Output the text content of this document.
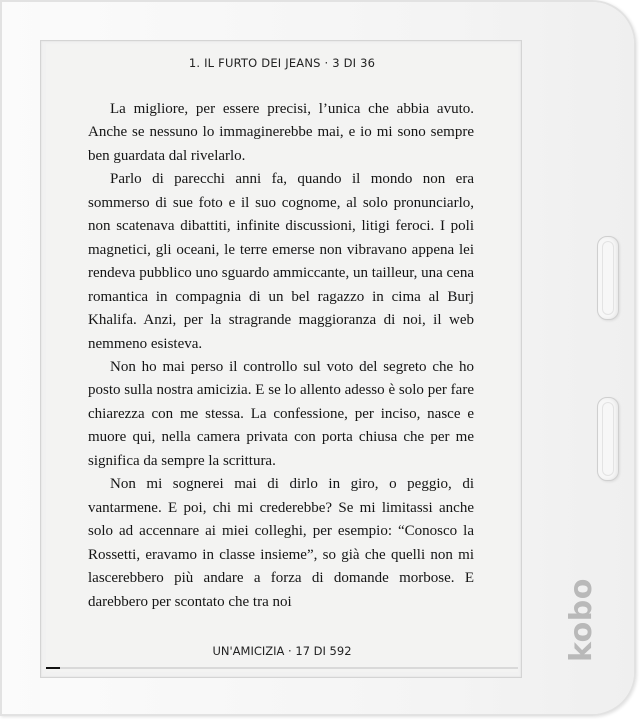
1. IL FURTO DEI JEANS · 3 DI 36

La migliore, per essere precisi, l’unica che abbia avuto. Anche se nessuno lo immaginerebbe mai, e io mi sono sempre ben guardata dal rivelarlo.

Parlo di parecchi anni fa, quando il mondo non era sommerso di sue foto e il suo cognome, al solo pronunciarlo, non scatenava dibattiti, infinite discussioni, litigi feroci. I poli magnetici, gli oceani, le terre emerse non vibravano appena lei rendeva pubblico uno sguardo ammiccante, un tailleur, una cena romantica in compagnia di un bel ragazzo in cima al Burj Khalifa. Anzi, per la stragrande maggioranza di noi, il web nemmeno esisteva.

Non ho mai perso il controllo sul voto del segreto che ho posto sulla nostra amicizia. E se lo allento adesso è solo per fare chiarezza con me stessa. La confessione, per inciso, nasce e muore qui, nella camera privata con porta chiusa che per me significa da sempre la scrittura.

Non mi sognerei mai di dirlo in giro, o peggio, di vantarmene. E poi, chi mi crederebbe? Se mi limitassi anche solo ad accennare ai miei colleghi, per esempio: “Conosco la Rossetti, eravamo in classe insieme”, so già che quelli non mi lascerebbero più andare a forza di domande morbose. E darebbero per scontato che tra noi

UN'AMICIZIA · 17 DI 592	kobo
